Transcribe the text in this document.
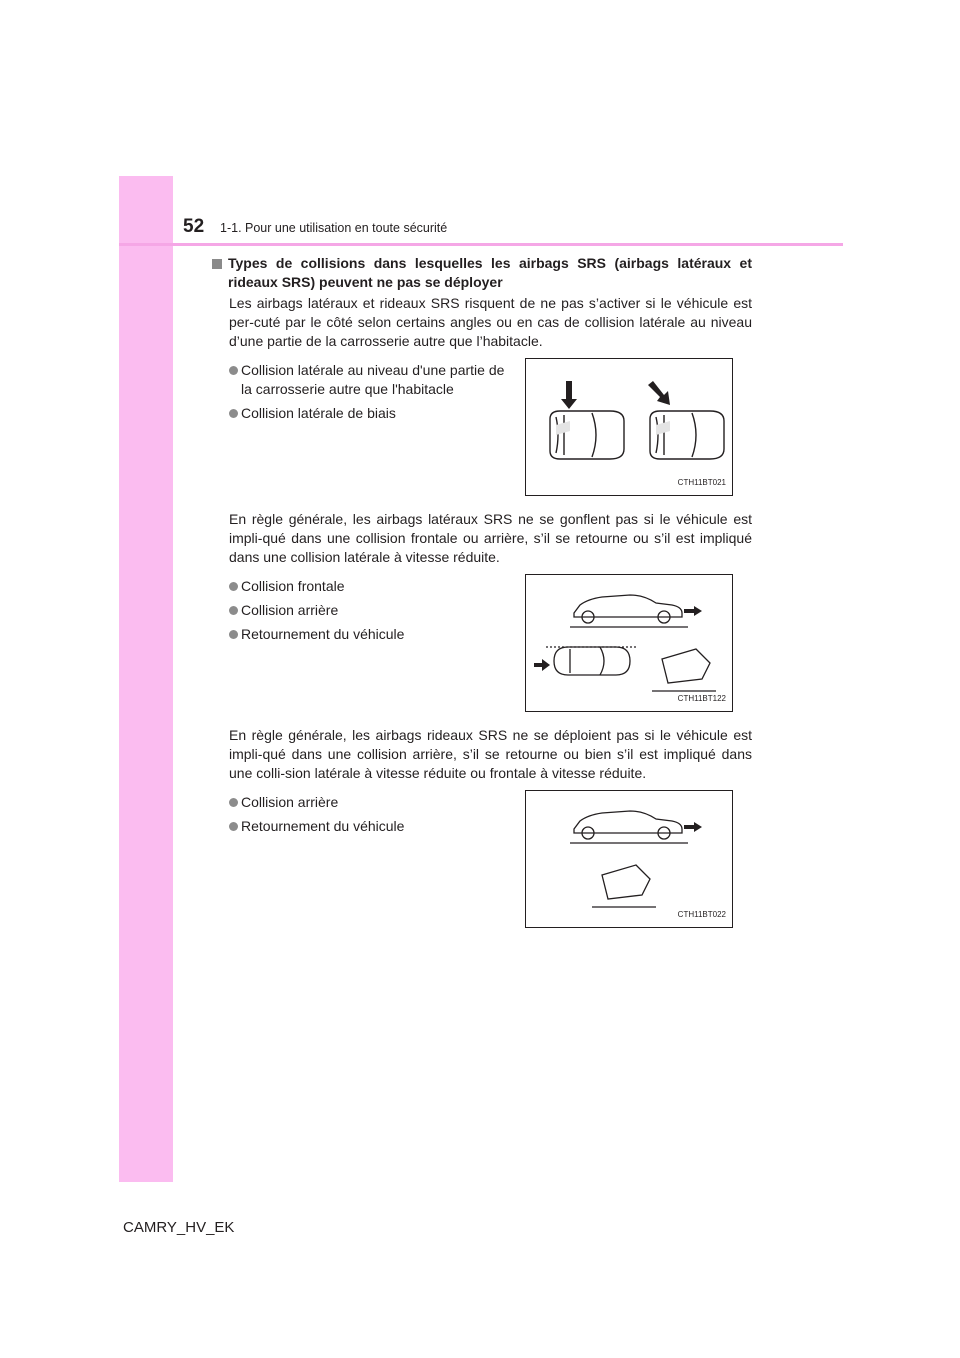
52 1-1. Pour une utilisation en toute sécurité

Types de collisions dans lesquelles les airbags SRS (airbags latéraux et rideaux SRS) peuvent ne pas se déployer

Les airbags latéraux et rideaux SRS risquent de ne pas s’activer si le véhicule est per-cuté par le côté selon certains angles ou en cas de collision latérale au niveau d’une partie de la carrosserie autre que l’habitacle.

Collision latérale au niveau d'une partie de la carrosserie autre que l'habitacle
Collision latérale de biais
CTH11BT021

En règle générale, les airbags latéraux SRS ne se gonflent pas si le véhicule est impli-qué dans une collision frontale ou arrière, s’il se retourne ou s’il est impliqué dans une collision latérale à vitesse réduite.

Collision frontale
Collision arrière
Retournement du véhicule
CTH11BT122

En règle générale, les airbags rideaux SRS ne se déploient pas si le véhicule est impli-qué dans une collision arrière, s’il se retourne ou bien s’il est impliqué dans une colli-sion latérale à vitesse réduite ou frontale à vitesse réduite.

Collision arrière
Retournement du véhicule
CTH11BT022
CAMRY_HV_EK
